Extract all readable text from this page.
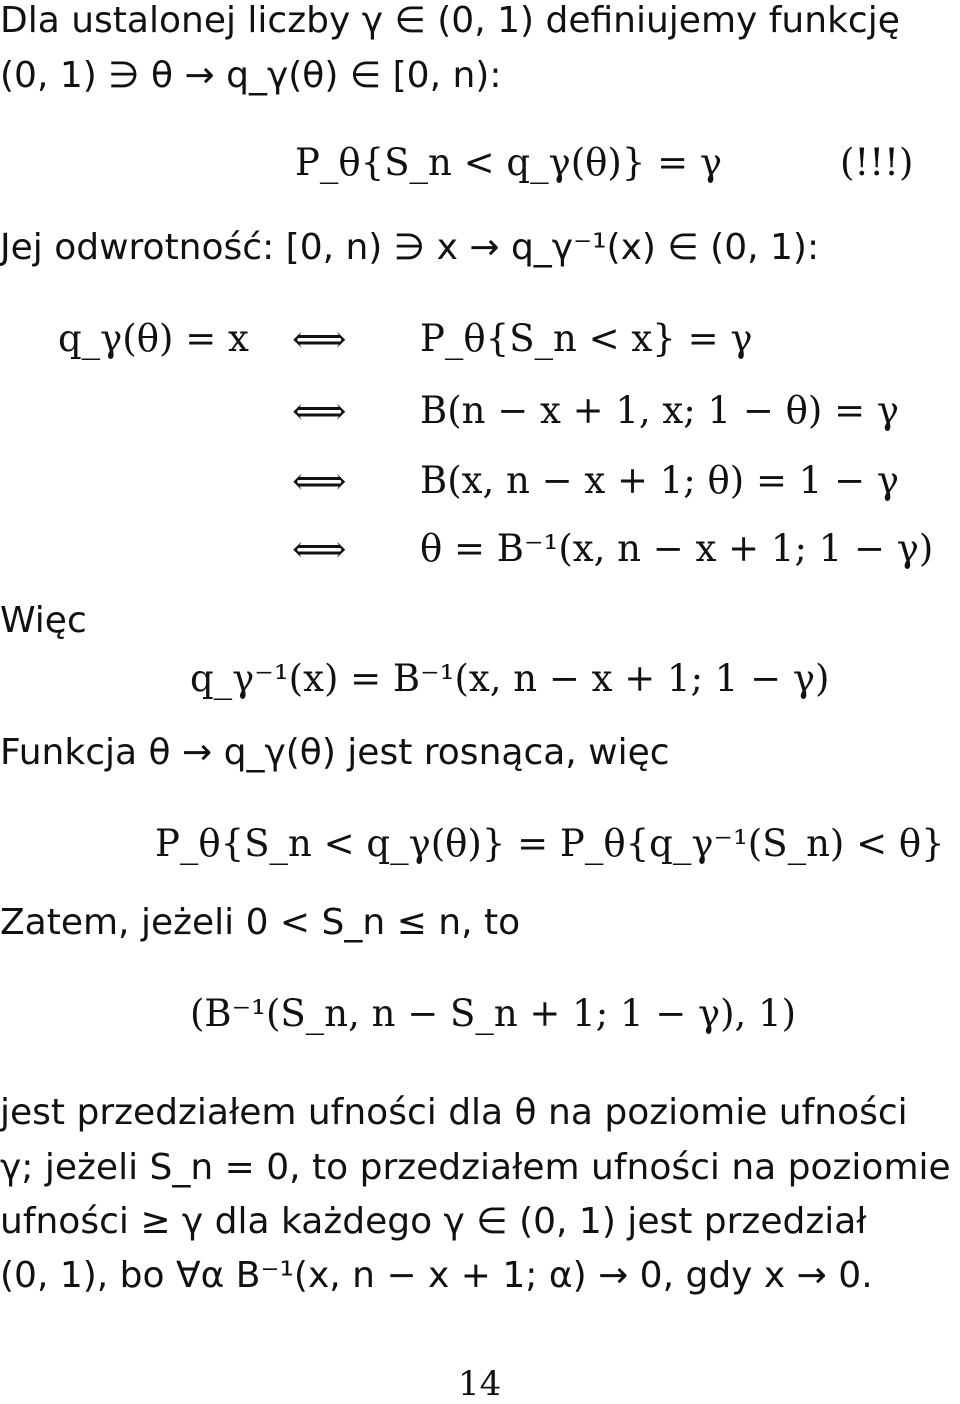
Dla ustalonej liczby γ ∈ (0, 1) definiujemy funkcję
(0, 1) ∋ θ → q_γ(θ) ∈ [0, n):
P_θ{S_n < q_γ(θ)} = γ	(!!!)
Jej odwrotność: [0, n) ∋ x → q_γ⁻¹(x) ∈ (0, 1):
q_γ(θ) = x ⟺ P_θ{S_n < x} = γ
⟺ B(n − x + 1, x; 1 − θ) = γ
⟺ B(x, n − x + 1; θ) = 1 − γ
⟺ θ = B⁻¹(x, n − x + 1; 1 − γ)
Więc
q_γ⁻¹(x) = B⁻¹(x, n − x + 1; 1 − γ)
Funkcja θ → q_γ(θ) jest rosnąca, więc
P_θ{S_n < q_γ(θ)} = P_θ{q_γ⁻¹(S_n) < θ}
Zatem, jeżeli 0 < S_n ≤ n, to
(B⁻¹(S_n, n − S_n + 1; 1 − γ), 1)
jest przedziałem ufności dla θ na poziomie ufności
γ; jeżeli S_n = 0, to przedziałem ufności na poziomie
ufności ≥ γ dla każdego γ ∈ (0, 1) jest przedział
(0, 1), bo ∀α B⁻¹(x, n − x + 1; α) → 0, gdy x → 0.
14
